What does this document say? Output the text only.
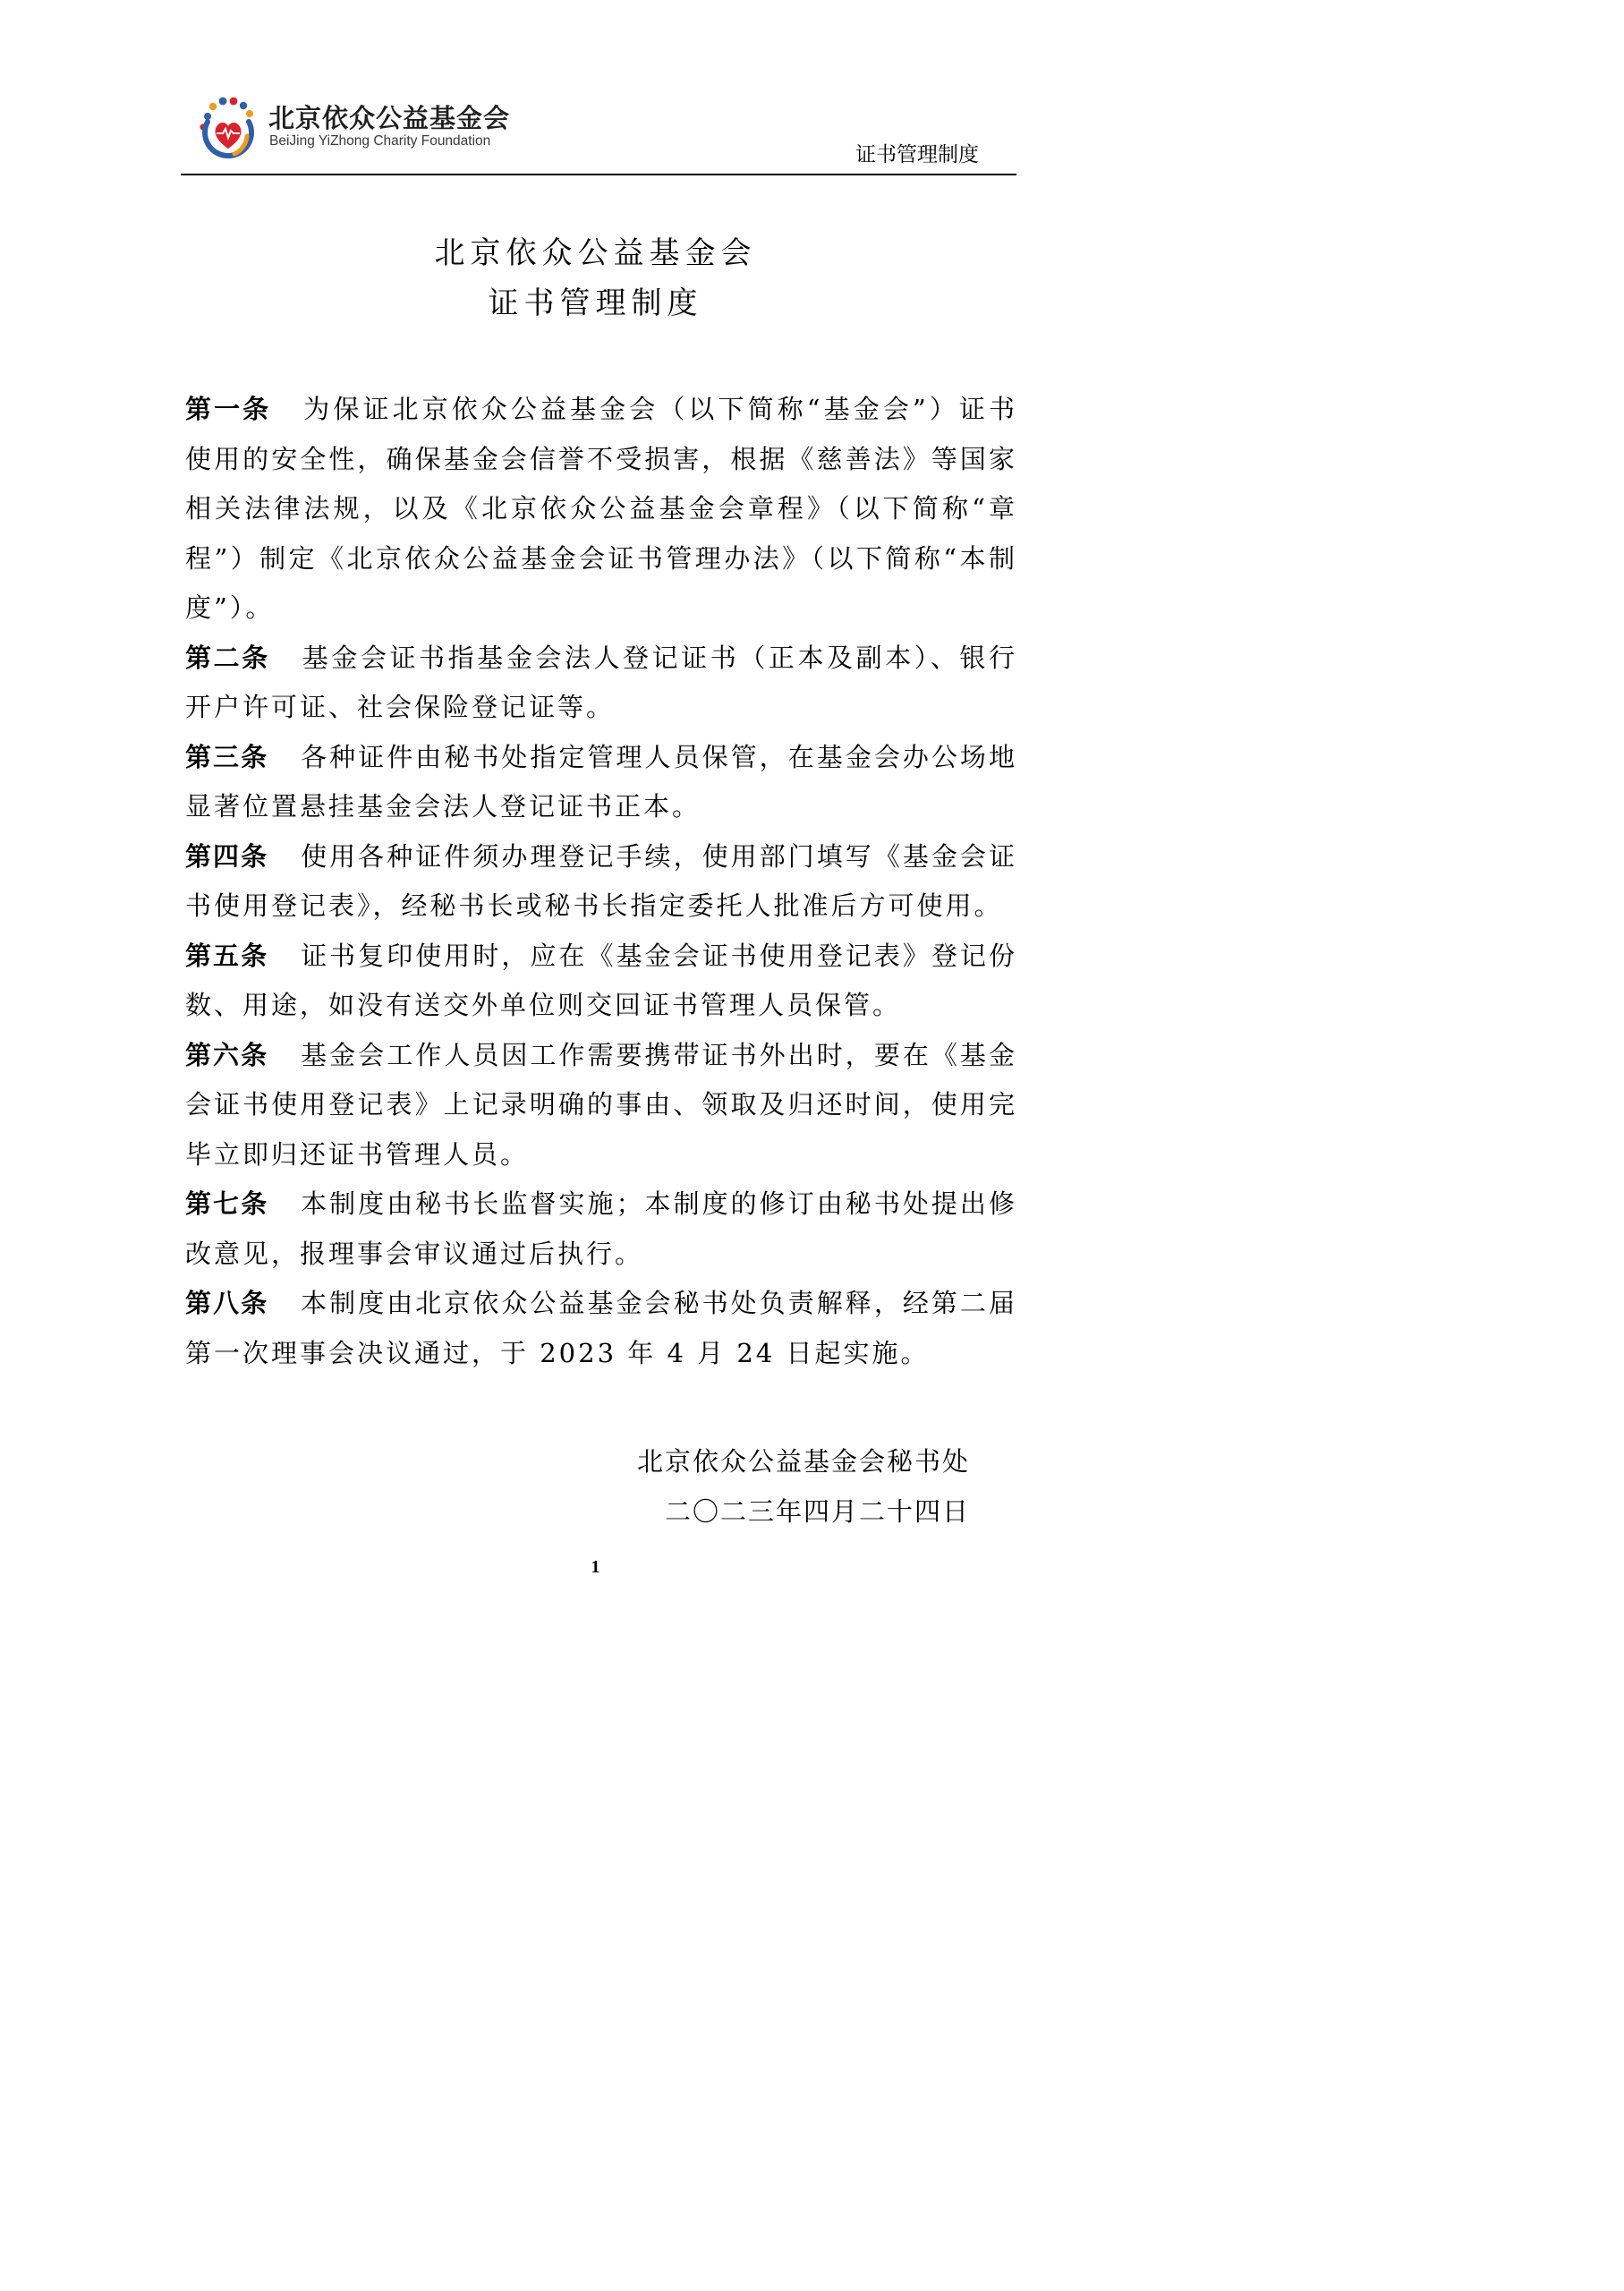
北京依众公益基金会
BeiJing YiZhong Charity Foundation
证书管理制度
北京依众公益基金会
证书管理制度

第一条 为保证北京依众公益基金会（以下简称“基金会”）证书使用的安全性，确保基金会信誉不受损害，根据《慈善法》等国家相关法律法规，以及《北京依众公益基金会章程》（以下简称“章程”）制定《北京依众公益基金会证书管理办法》（以下简称“本制度”）。

第二条 基金会证书指基金会法人登记证书（正本及副本）、银行开户许可证、社会保险登记证等。

第三条 各种证件由秘书处指定管理人员保管，在基金会办公场地显著位置悬挂基金会法人登记证书正本。

第四条 使用各种证件须办理登记手续，使用部门填写《基金会证书使用登记表》，经秘书长或秘书长指定委托人批准后方可使用。

第五条 证书复印使用时，应在《基金会证书使用登记表》登记份数、用途，如没有送交外单位则交回证书管理人员保管。

第六条 基金会工作人员因工作需要携带证书外出时，要在《基金会证书使用登记表》上记录明确的事由、领取及归还时间，使用完毕立即归还证书管理人员。

第七条 本制度由秘书长监督实施；本制度的修订由秘书处提出修改意见，报理事会审议通过后执行。

第八条 本制度由北京依众公益基金会秘书处负责解释，经第二届第一次理事会决议通过，于 2023 年 4 月 24 日起实施。

北京依众公益基金会秘书处
二〇二三年四月二十四日
1
